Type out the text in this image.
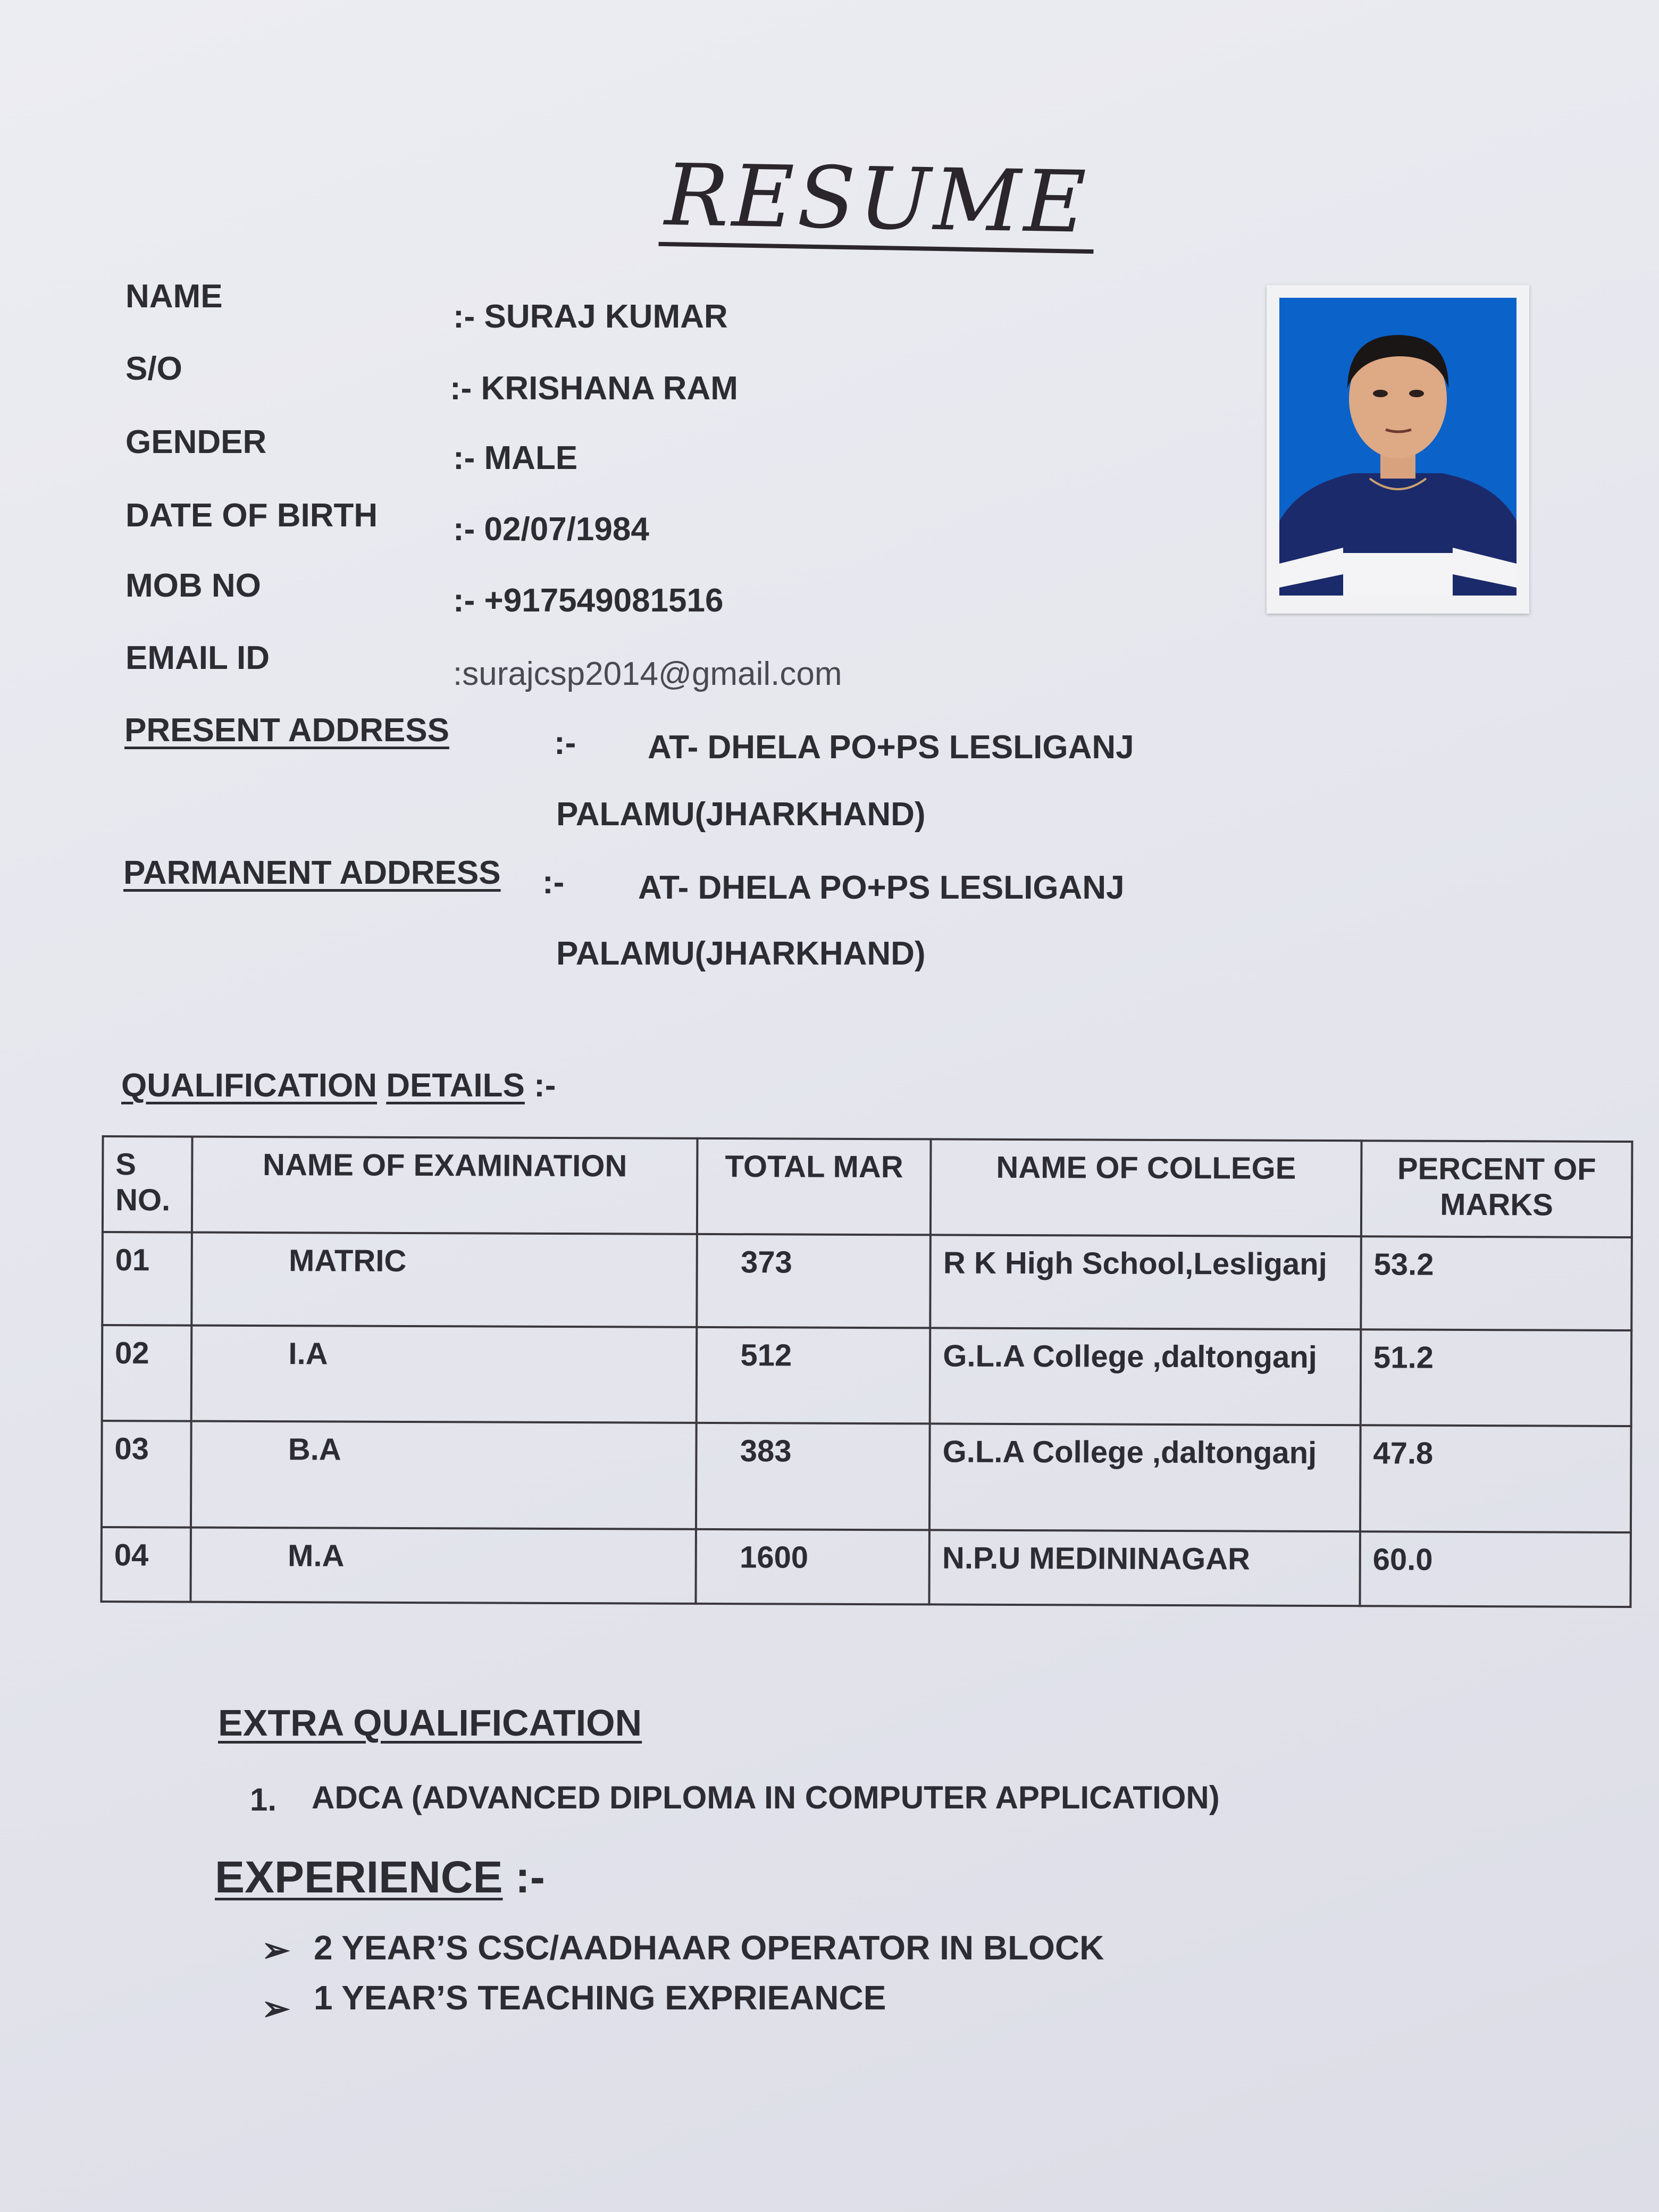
RESUME
NAME
:- SURAJ KUMAR
S/O
:- KRISHANA RAM
GENDER	:- MALE
DATE OF BIRTH :- 02/07/1984
MOB NO	:- +917549081516
EMAIL ID	:surajcsp2014@gmail.com
PRESENT ADDRESS	:- AT- DHELA PO+PS LESLIGANJ
PALAMU(JHARKHAND)
PARMANENT ADDRESS :- AT- DHELA PO+PS LESLIGANJ
PALAMU(JHARKHAND)
QUALIFICATION DETAILS :-
S NO.	NAME OF EXAMINATION	TOTAL MAR	NAME OF COLLEGE	PERCENT OF MARKS
01	MATRIC	373	R K High School,Lesliganj	53.2
02	I.A	512	G.L.A College ,daltonganj	51.2
03	B.A	383	G.L.A College ,daltonganj	47.8
04	M.A	1600	N.P.U MEDININAGAR	60.0
EXTRA QUALIFICATION
1. ADCA (ADVANCED DIPLOMA IN COMPUTER APPLICATION)
EXPERIENCE :-
➢ 2 YEAR’S CSC/AADHAAR OPERATOR IN BLOCK
➢ 1 YEAR’S TEACHING EXPRIEANCE
